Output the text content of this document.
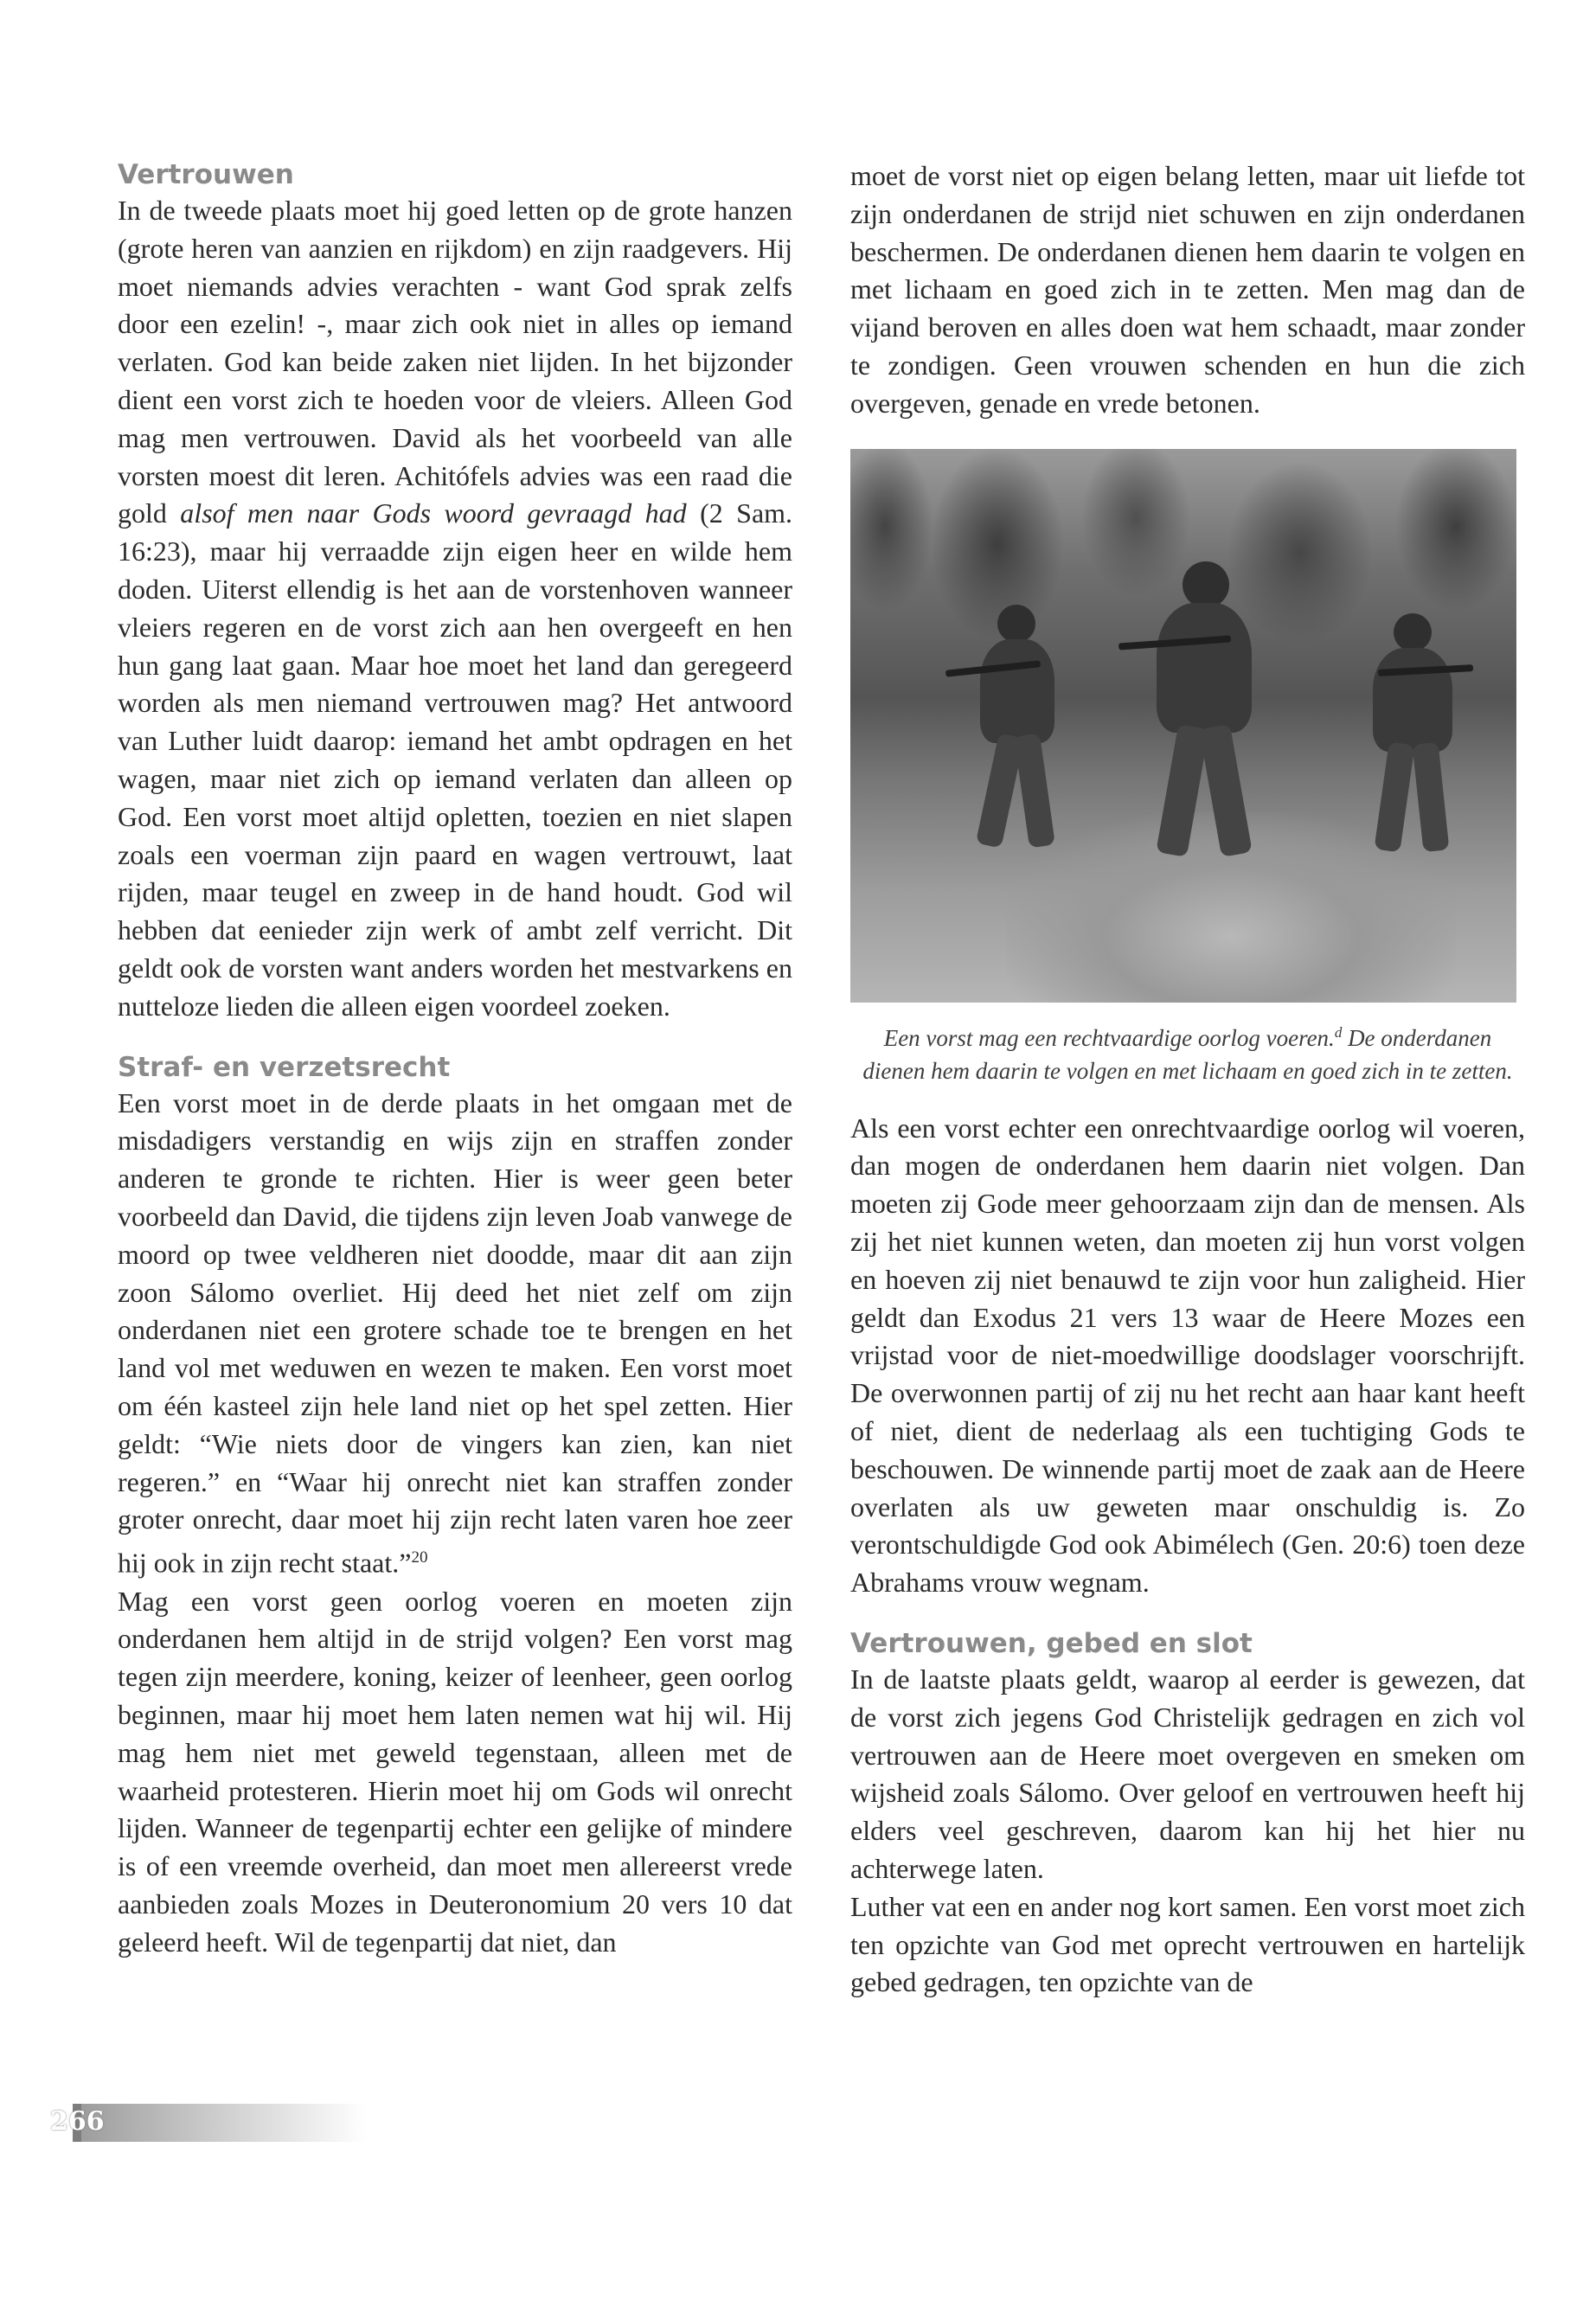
Vertrouwen

In de tweede plaats moet hij goed letten op de grote hanzen (grote heren van aanzien en rijkdom) en zijn raadgevers. Hij moet niemands advies verachten - want God sprak zelfs door een ezelin! -, maar zich ook niet in alles op iemand verlaten. God kan beide zaken niet lijden. In het bijzonder dient een vorst zich te hoeden voor de vleiers. Alleen God mag men vertrouwen. David als het voorbeeld van alle vorsten moest dit leren. Achitófels advies was een raad die gold alsof men naar Gods woord gevraagd had (2 Sam. 16:23), maar hij verraadde zijn eigen heer en wilde hem doden. Uiterst ellendig is het aan de vorstenhoven wanneer vleiers regeren en de vorst zich aan hen overgeeft en hen hun gang laat gaan. Maar hoe moet het land dan geregeerd worden als men niemand vertrouwen mag? Het antwoord van Luther luidt daarop: iemand het ambt opdragen en het wagen, maar niet zich op iemand verlaten dan alleen op God. Een vorst moet altijd opletten, toezien en niet slapen zoals een voerman zijn paard en wagen vertrouwt, laat rijden, maar teugel en zweep in de hand houdt. God wil hebben dat eenieder zijn werk of ambt zelf verricht. Dit geldt ook de vorsten want anders worden het mestvarkens en nutteloze lieden die alleen eigen voordeel zoeken.

Straf- en verzetsrecht

Een vorst moet in de derde plaats in het omgaan met de misdadigers verstandig en wijs zijn en straffen zonder anderen te gronde te richten. Hier is weer geen beter voorbeeld dan David, die tijdens zijn leven Joab vanwege de moord op twee veldheren niet doodde, maar dit aan zijn zoon Sálomo overliet. Hij deed het niet zelf om zijn onderdanen niet een grotere schade toe te brengen en het land vol met weduwen en wezen te maken. Een vorst moet om één kasteel zijn hele land niet op het spel zetten. Hier geldt: “Wie niets door de vingers kan zien, kan niet regeren.” en “Waar hij onrecht niet kan straffen zonder groter onrecht, daar moet hij zijn recht laten varen hoe zeer hij ook in zijn recht staat.”$^{20}$

Mag een vorst geen oorlog voeren en moeten zijn onderdanen hem altijd in de strijd volgen? Een vorst mag tegen zijn meerdere, koning, keizer of leenheer, geen oorlog beginnen, maar hij moet hem laten nemen wat hij wil. Hij mag hem niet met geweld tegenstaan, alleen met de waarheid protesteren. Hierin moet hij om Gods wil onrecht lijden. Wanneer de tegenpartij echter een gelijke of mindere is of een vreemde overheid, dan moet men allereerst vrede aanbieden zoals Mozes in Deuteronomium 20 vers 10 dat geleerd heeft. Wil de tegenpartij dat niet, dan

moet de vorst niet op eigen belang letten, maar uit liefde tot zijn onderdanen de strijd niet schuwen en zijn onderdanen beschermen. De onderdanen dienen hem daarin te volgen en met lichaam en goed zich in te zetten. Men mag dan de vijand beroven en alles doen wat hem schaadt, maar zonder te zondigen. Geen vrouwen schenden en hun die zich overgeven, genade en vrede betonen.

Een vorst mag een rechtvaardige oorlog voeren.$^d$ De onderdanen dienen hem daarin te volgen en met lichaam en goed zich in te zetten.

Als een vorst echter een onrechtvaardige oorlog wil voeren, dan mogen de onderdanen hem daarin niet volgen. Dan moeten zij Gode meer gehoorzaam zijn dan de mensen. Als zij het niet kunnen weten, dan moeten zij hun vorst volgen en hoeven zij niet benauwd te zijn voor hun zaligheid. Hier geldt dan Exodus 21 vers 13 waar de Heere Mozes een vrijstad voor de niet-moedwillige doodslager voorschrijft. De overwonnen partij of zij nu het recht aan haar kant heeft of niet, dient de nederlaag als een tuchtiging Gods te beschouwen. De winnende partij moet de zaak aan de Heere overlaten als uw geweten maar onschuldig is. Zo verontschuldigde God ook Abimélech (Gen. 20:6) toen deze Abrahams vrouw wegnam.

Vertrouwen, gebed en slot

In de laatste plaats geldt, waarop al eerder is gewezen, dat de vorst zich jegens God Christelijk gedragen en zich vol vertrouwen aan de Heere moet overgeven en smeken om wijsheid zoals Sálomo. Over geloof en vertrouwen heeft hij elders veel geschreven, daarom kan hij het hier nu achterwege laten.

Luther vat een en ander nog kort samen. Een vorst moet zich ten opzichte van God met oprecht vertrouwen en hartelijk gebed gedragen, ten opzichte van de

266
